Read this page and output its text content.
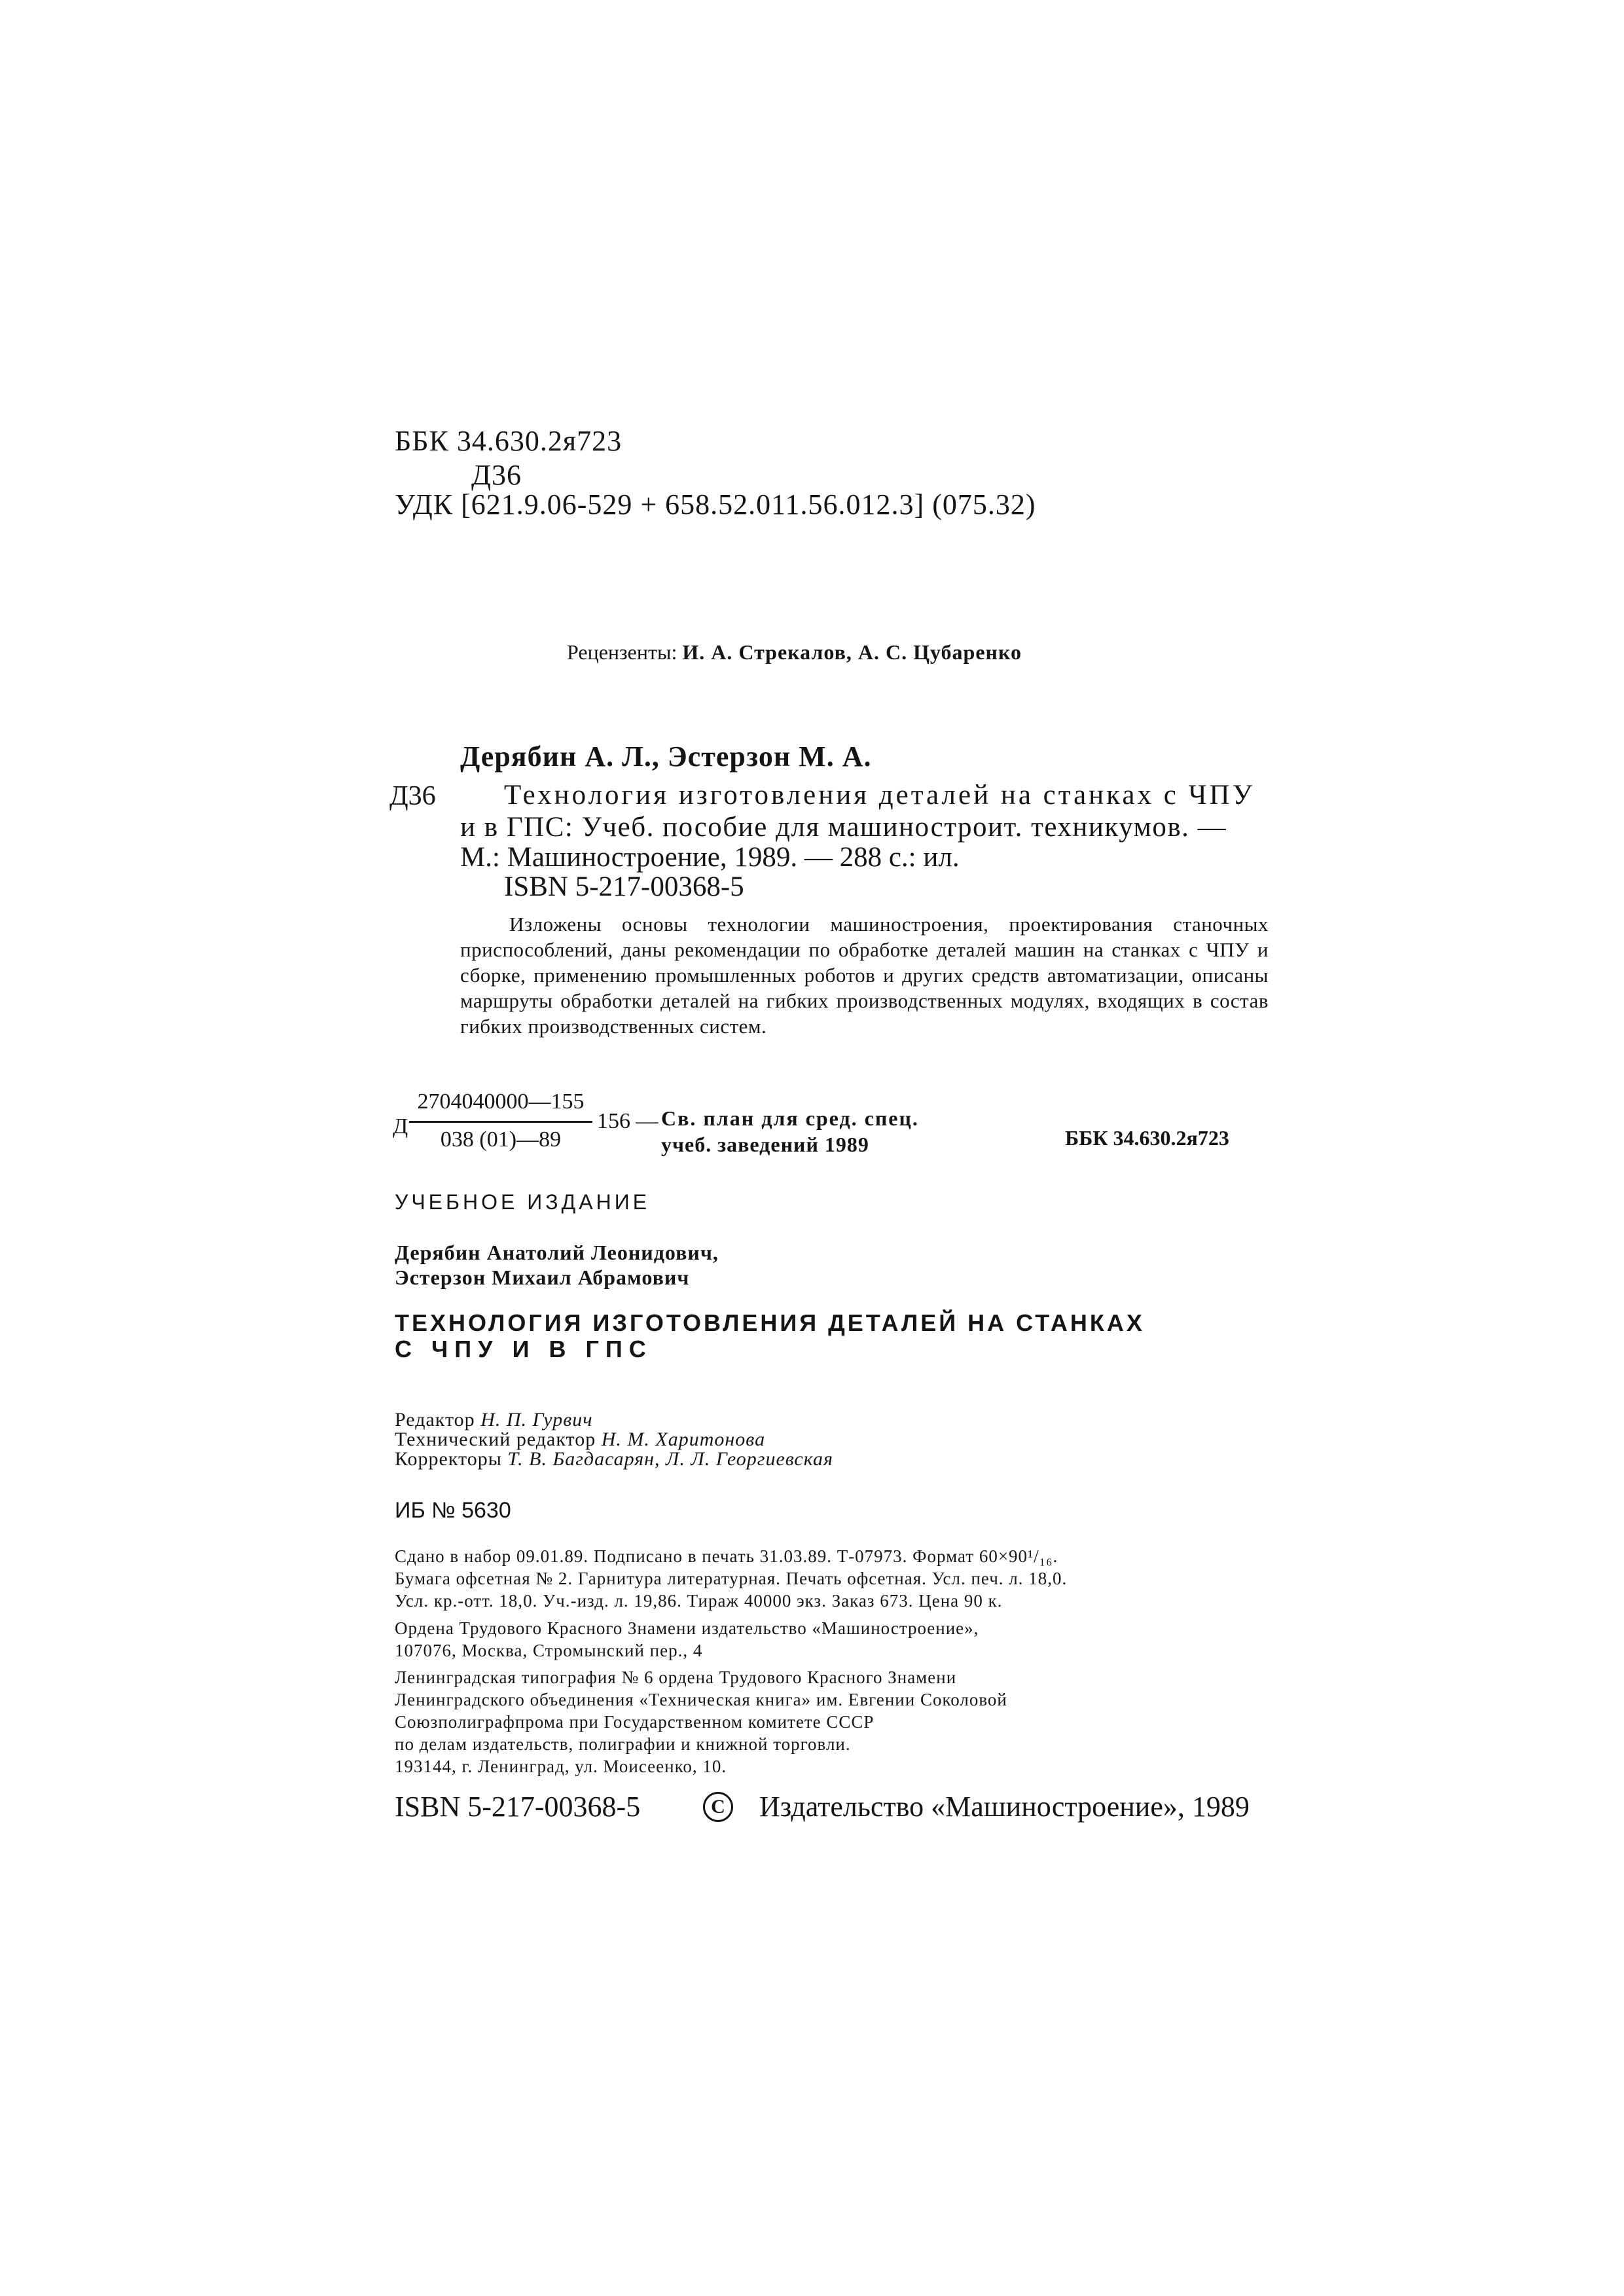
ББК 34.630.2я723
Д36
УДК [621.9.06-529 + 658.52.011.56.012.3] (075.32)
Рецензенты: И. А. Стрекалов, А. С. Цубаренко
Дерябин А. Л., Эстерзон М. А.
Д36 Технология изготовления деталей на станках с ЧПУ
и в ГПС: Учеб. пособие для машиностроит. техникумов. —
М.: Машиностроение, 1989. — 288 с.: ил.
ISBN 5-217-00368-5
Изложены основы технологии машиностроения, проектирования станочных приспособлений, даны рекомендации по обработке деталей машин на станках с ЧПУ и сборке, применению промышленных роботов и других средств автоматизации, описаны маршруты обработки деталей на гибких производственных модулях, входящих в состав гибких производственных систем.
Д
2704040000—155
038 (01)—89
156 — Св. план для сред. спец.
учеб. заведений 1989	ББК 34.630.2я723
УЧЕБНОЕ ИЗДАНИЕ
Дерябин Анатолий Леонидович,
Эстерзон Михаил Абрамович
ТЕХНОЛОГИЯ ИЗГОТОВЛЕНИЯ ДЕТАЛЕЙ НА СТАНКАХ
С ЧПУ И В ГПС
Редактор Н. П. Гурвич
Технический редактор Н. М. Харитонова
Корректоры Т. В. Багдасарян, Л. Л. Георгиевская
ИБ № 5630
Сдано в набор 09.01.89. Подписано в печать 31.03.89. Т-07973. Формат 60×90¹/₁₆.
Бумага офсетная № 2. Гарнитура литературная. Печать офсетная. Усл. печ. л. 18,0.
Усл. кр.-отт. 18,0. Уч.-изд. л. 19,86. Тираж 40000 экз. Заказ 673. Цена 90 к.
Ордена Трудового Красного Знамени издательство «Машиностроение»,
107076, Москва, Стромынский пер., 4
Ленинградская типография № 6 ордена Трудового Красного Знамени
Ленинградского объединения «Техническая книга» им. Евгении Соколовой
Союзполиграфпрома при Государственном комитете СССР
по делам издательств, полиграфии и книжной торговли.
193144, г. Ленинград, ул. Моисеенко, 10.
ISBN 5-217-00368-5	C Издательство «Машиностроение», 1989
